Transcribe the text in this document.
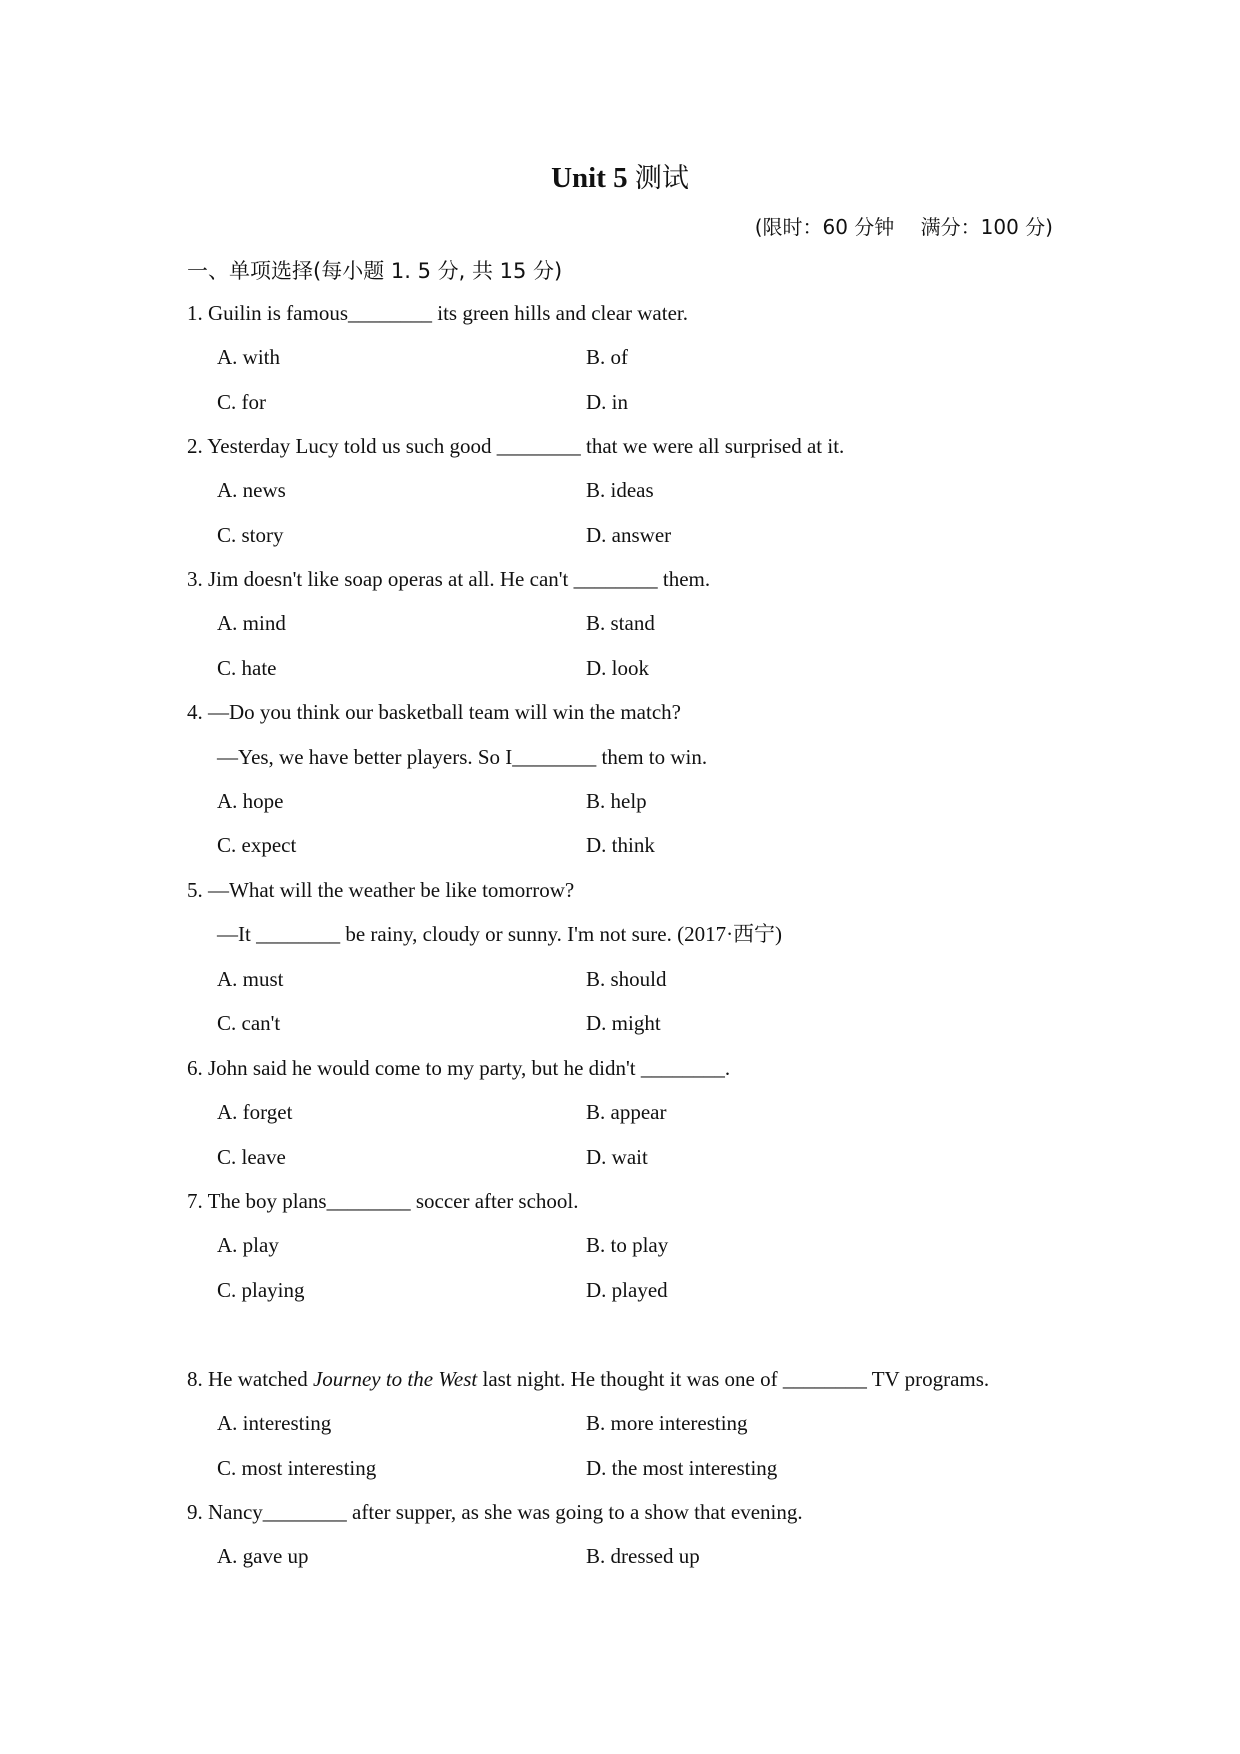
Unit 5 测试
(限时：60 分钟　 满分：100 分)
一、单项选择(每小题 1. 5 分, 共 15 分)
1. Guilin is famous________ its green hills and clear water.
A. with	B. of
C. for	D. in
2. Yesterday Lucy told us such good ________ that we were all surprised at it.
A. news	B. ideas
C. story	D. answer
3. Jim doesn't like soap operas at all. He can't ________ them.
A. mind	B. stand
C. hate	D. look
4. —Do you think our basketball team will win the match?
—Yes, we have better players. So I________ them to win.
A. hope	B. help
C. expect	D. think
5. —What will the weather be like tomorrow?
—It ________ be rainy, cloudy or sunny. I'm not sure. (2017·西宁)
A. must	B. should
C. can't	D. might
6. John said he would come to my party, but he didn't ________.
A. forget	B. appear
C. leave	D. wait
7. The boy plans________ soccer after school.
A. play	B. to play
C. playing	D. played
8. He watched Journey to the West last night. He thought it was one of ________ TV programs.
A. interesting	B. more interesting
C. most interesting	D. the most interesting
9. Nancy________ after supper, as she was going to a show that evening.
A. gave up	B. dressed up
